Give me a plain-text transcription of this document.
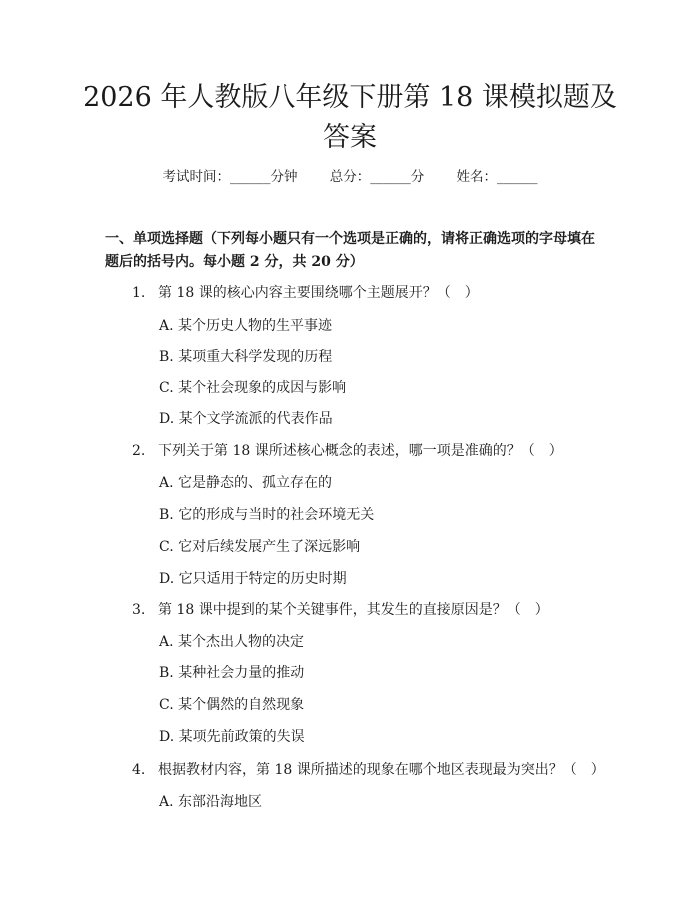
2026 年人教版八年级下册第 18 课模拟题及答案
考试时间：______分钟 总分：______分 姓名：______

一、单项选择题（下列每小题只有一个选项是正确的，请将正确选项的字母填在题后的括号内。每小题 2 分，共 20 分）

1. 第 18 课的核心内容主要围绕哪个主题展开？（　）
A. 某个历史人物的生平事迹
B. 某项重大科学发现的历程
C. 某个社会现象的成因与影响
D. 某个文学流派的代表作品
2. 下列关于第 18 课所述核心概念的表述，哪一项是准确的？（　）
A. 它是静态的、孤立存在的
B. 它的形成与当时的社会环境无关
C. 它对后续发展产生了深远影响
D. 它只适用于特定的历史时期
3. 第 18 课中提到的某个关键事件，其发生的直接原因是？（　）
A. 某个杰出人物的决定
B. 某种社会力量的推动
C. 某个偶然的自然现象
D. 某项先前政策的失误
4. 根据教材内容，第 18 课所描述的现象在哪个地区表现最为突出？（　）
A. 东部沿海地区
